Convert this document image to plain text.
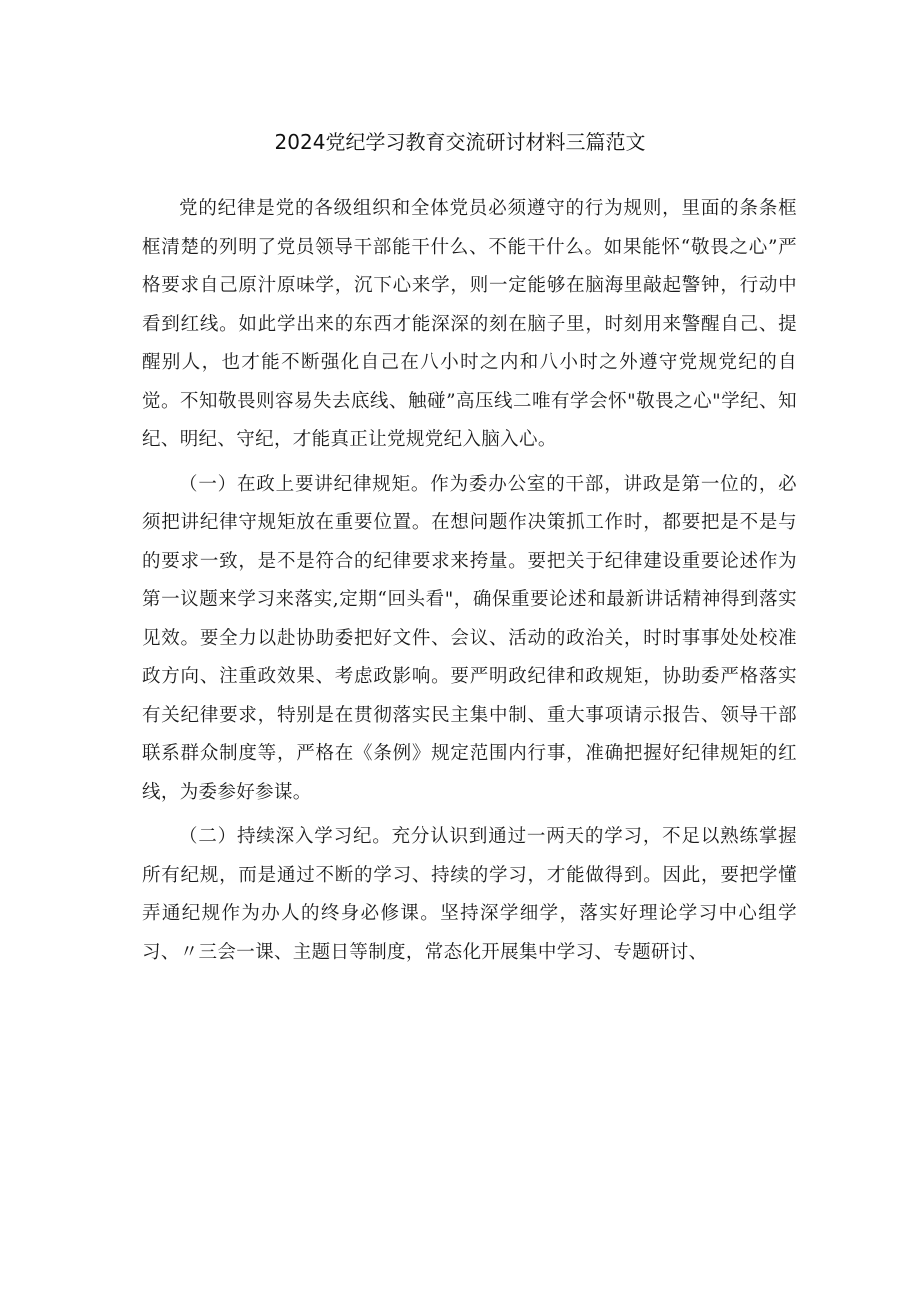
2024党纪学习教育交流研讨材料三篇范文

党的纪律是党的各级组织和全体党员必须遵守的行为规则，里面的条条框框清楚的列明了党员领导干部能干什么、不能干什么。如果能怀“敬畏之心”严格要求自己原汁原味学，沉下心来学，则一定能够在脑海里敲起警钟，行动中看到红线。如此学出来的东西才能深深的刻在脑子里，时刻用来警醒自己、提醒别人，也才能不断强化自己在八小时之内和八小时之外遵守党规党纪的自觉。不知敬畏则容易失去底线、触碰”高压线二唯有学会怀"敬畏之心"学纪、知纪、明纪、守纪，才能真正让党规党纪入脑入心。

（一）在政上要讲纪律规矩。作为委办公室的干部，讲政是第一位的，必须把讲纪律守规矩放在重要位置。在想问题作决策抓工作时，都要把是不是与的要求一致，是不是符合的纪律要求来挎量。要把关于纪律建设重要论述作为第一议题来学习来落实,定期“回头看"，确保重要论述和最新讲话精神得到落实见效。要全力以赴协助委把好文件、会议、活动的政治关，时时事事处处校准政方向、注重政效果、考虑政影响。要严明政纪律和政规矩，协助委严格落实有关纪律要求，特别是在贯彻落实民主集中制、重大事项请示报告、领导干部联系群众制度等，严格在《条例》规定范围内行事，准确把握好纪律规矩的红线，为委参好参谋。

（二）持续深入学习纪。充分认识到通过一两天的学习，不足以熟练掌握所有纪规，而是通过不断的学习、持续的学习，才能做得到。因此，要把学懂弄通纪规作为办人的终身必修课。坚持深学细学，落实好理论学习中心组学习、〃三会一课、主题日等制度，常态化开展集中学习、专题研讨、
